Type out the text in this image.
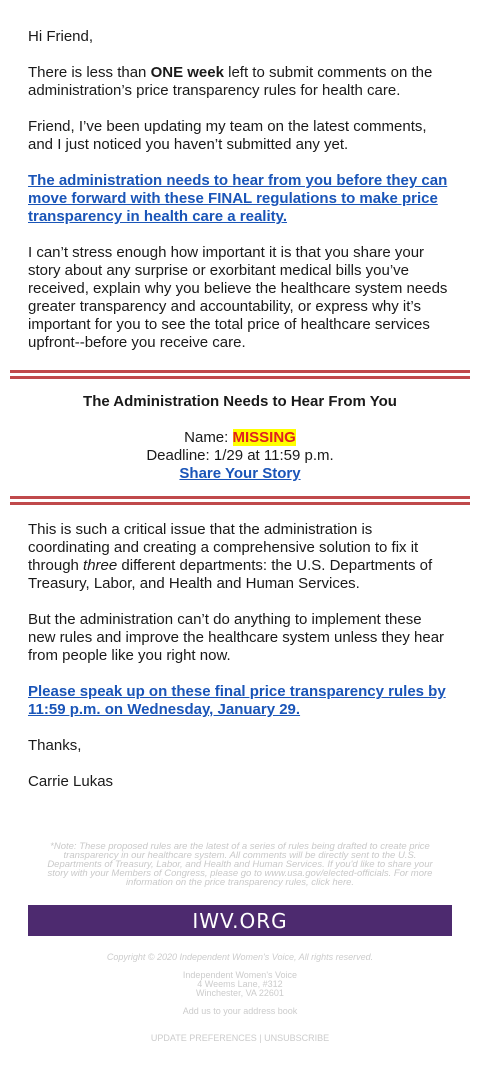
Hi Friend,
There is less than ONE week left to submit comments on the administration’s price transparency rules for health care.
Friend, I’ve been updating my team on the latest comments, and I just noticed you haven’t submitted any yet.
The administration needs to hear from you before they can move forward with these FINAL regulations to make price transparency in health care a reality.
I can’t stress enough how important it is that you share your story about any surprise or exorbitant medical bills you’ve received, explain why you believe the healthcare system needs greater transparency and accountability, or express why it’s important for you to see the total price of healthcare services upfront--before you receive care.
The Administration Needs to Hear From You
Name: MISSING
Deadline: 1/29 at 11:59 p.m.
Share Your Story
This is such a critical issue that the administration is coordinating and creating a comprehensive solution to fix it through three different departments: the U.S. Departments of Treasury, Labor, and Health and Human Services.
But the administration can’t do anything to implement these new rules and improve the healthcare system unless they hear from people like you right now.
Please speak up on these final price transparency rules by 11:59 p.m. on Wednesday, January 29.
Thanks,
Carrie Lukas
*Note: These proposed rules are the latest of a series of rules being drafted to create price transparency in our healthcare system. All comments will be directly sent to the U.S. Departments of Treasury, Labor, and Health and Human Services. If you'd like to share your story with your Members of Congress, please go to www.usa.gov/elected-officials. For more information on the price transparency rules, click here.
IWV.ORG
Copyright © 2020 Independent Women's Voice, All rights reserved.
Independent Women's Voice
4 Weems Lane, #312
Winchester, VA 22601
Add us to your address book
UPDATE PREFERENCES | UNSUBSCRIBE
